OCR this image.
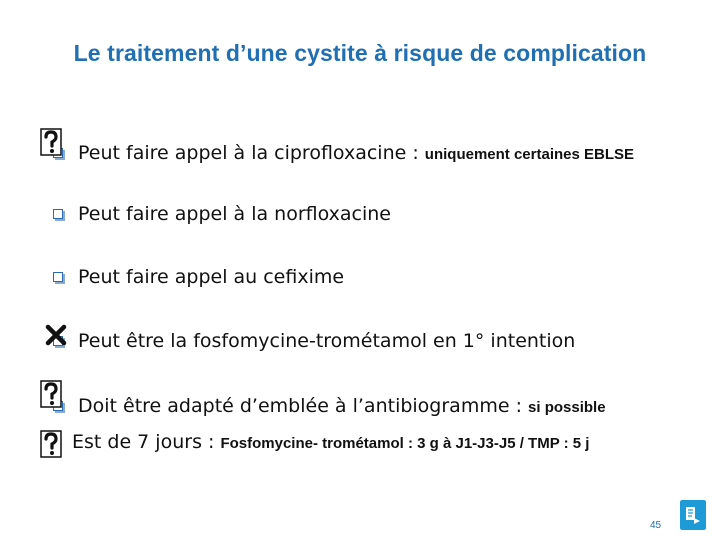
Le traitement d’une cystite à risque de complication
Peut faire appel à la ciprofloxacine : uniquement certaines EBLSE
Peut faire appel à la norfloxacine
Peut faire appel au cefixime
Peut être la fosfomycine-trométamol en 1° intention
Doit être adapté d’emblée à l’antibiogramme : si possible
Est de 7 jours : Fosfomycine- trométamol : 3 g à J1-J3-J5 / TMP : 5 j
45
